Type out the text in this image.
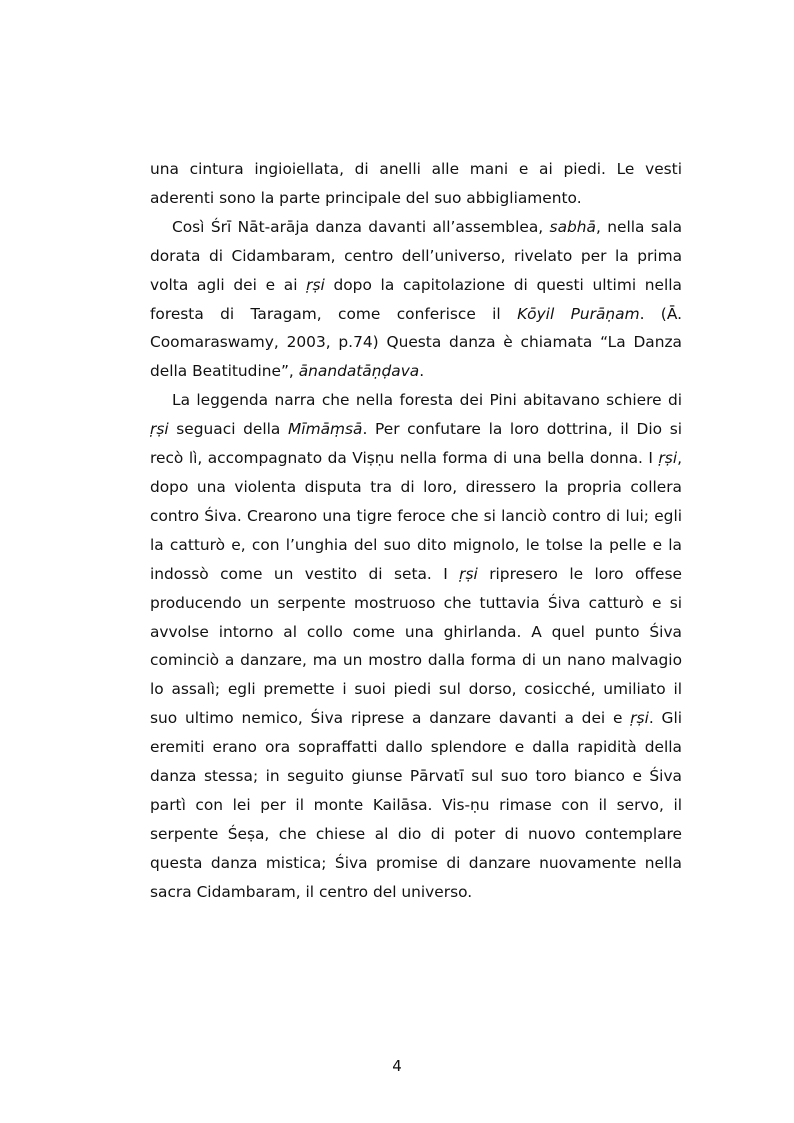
una cintura ingioiellata, di anelli alle mani e ai piedi. Le vesti aderenti sono la parte principale del suo abbigliamento.

Così Śrī Nāt-arāja danza davanti all’assemblea, sabhā, nella sala dorata di Cidambaram, centro dell’universo, rivelato per la prima volta agli dei e ai ṛṣi dopo la capitolazione di questi ultimi nella foresta di Taragam, come conferisce il Kōyil Purāṇam. (Ā. Coomaraswamy, 2003, p.74) Questa danza è chiamata “La Danza della Beatitudine”, ānandatāṇḍava.

La leggenda narra che nella foresta dei Pini abitavano schiere di ṛṣi seguaci della Mīmāṃsā. Per confutare la loro dottrina, il Dio si recò lì, accompagnato da Viṣṇu nella forma di una bella donna. I ṛṣi, dopo una violenta disputa tra di loro, diressero la propria collera contro Śiva. Crearono una tigre feroce che si lanciò contro di lui; egli la catturò e, con l’unghia del suo dito mignolo, le tolse la pelle e la indossò come un vestito di seta. I ṛṣi ripresero le loro offese producendo un serpente mostruoso che tuttavia Śiva catturò e si avvolse intorno al collo come una ghirlanda. A quel punto Śiva cominciò a danzare, ma un mostro dalla forma di un nano malvagio lo assalì; egli premette i suoi piedi sul dorso, cosicché, umiliato il suo ultimo nemico, Śiva riprese a danzare davanti a dei e ṛṣi. Gli eremiti erano ora sopraffatti dallo splendore e dalla rapidità della danza stessa; in seguito giunse Pārvatī sul suo toro bianco e Śiva partì con lei per il monte Kailāsa. Vis-ṇu rimase con il servo, il serpente Śeṣa, che chiese al dio di poter di nuovo contemplare questa danza mistica; Śiva promise di danzare nuovamente nella sacra Cidambaram, il centro del universo.

4
